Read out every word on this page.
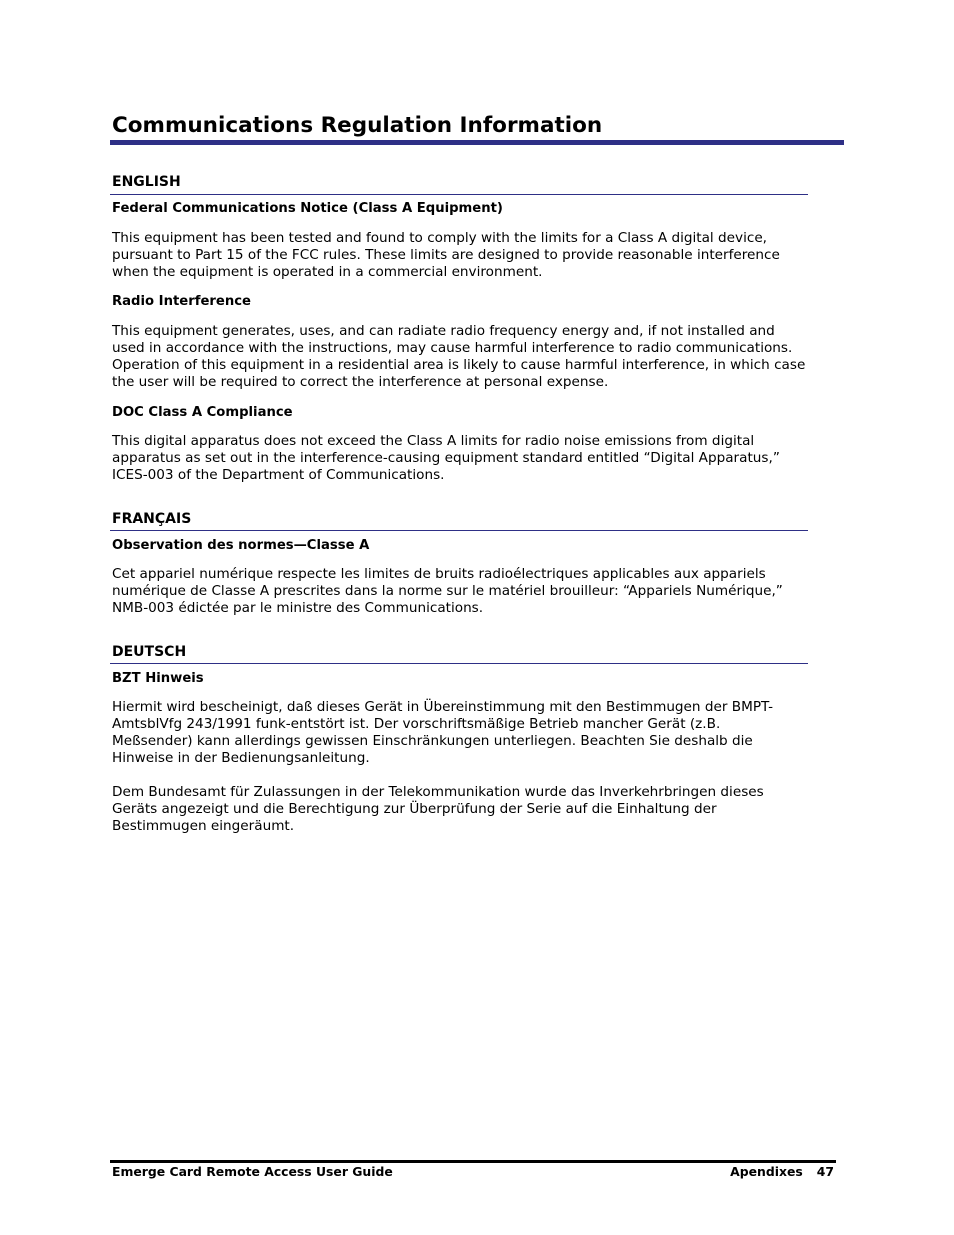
Communications Regulation Information
ENGLISH
Federal Communications Notice (Class A Equipment)

This equipment has been tested and found to comply with the limits for a Class A digital device,
pursuant to Part 15 of the FCC rules. These limits are designed to provide reasonable interference
when the equipment is operated in a commercial environment.

Radio Interference

This equipment generates, uses, and can radiate radio frequency energy and, if not installed and
used in accordance with the instructions, may cause harmful interference to radio communications.
Operation of this equipment in a residential area is likely to cause harmful interference, in which case
the user will be required to correct the interference at personal expense.

DOC Class A Compliance

This digital apparatus does not exceed the Class A limits for radio noise emissions from digital
apparatus as set out in the interference-causing equipment standard entitled “Digital Apparatus,”
ICES-003 of the Department of Communications.

FRANÇAIS
Observation des normes—Classe A

Cet appariel numérique respecte les limites de bruits radioélectriques applicables aux appariels
numérique de Classe A prescrites dans la norme sur le matériel brouilleur: “Appariels Numérique,”
NMB-003 édictée par le ministre des Communications.

DEUTSCH
BZT Hinweis

Hiermit wird bescheinigt, daß dieses Gerät in Übereinstimmung mit den Bestimmugen der BMPT-
AmtsblVfg 243/1991 funk-entstört ist. Der vorschriftsmäßige Betrieb mancher Gerät (z.B.
Meßsender) kann allerdings gewissen Einschränkungen unterliegen. Beachten Sie deshalb die
Hinweise in der Bedienungsanleitung.

Dem Bundesamt für Zulassungen in der Telekommunikation wurde das Inverkehrbringen dieses
Geräts angezeigt und die Berechtigung zur Überprüfung der Serie auf die Einhaltung der
Bestimmugen eingeräumt.

Emerge Card Remote Access User Guide	Apendixes 47
